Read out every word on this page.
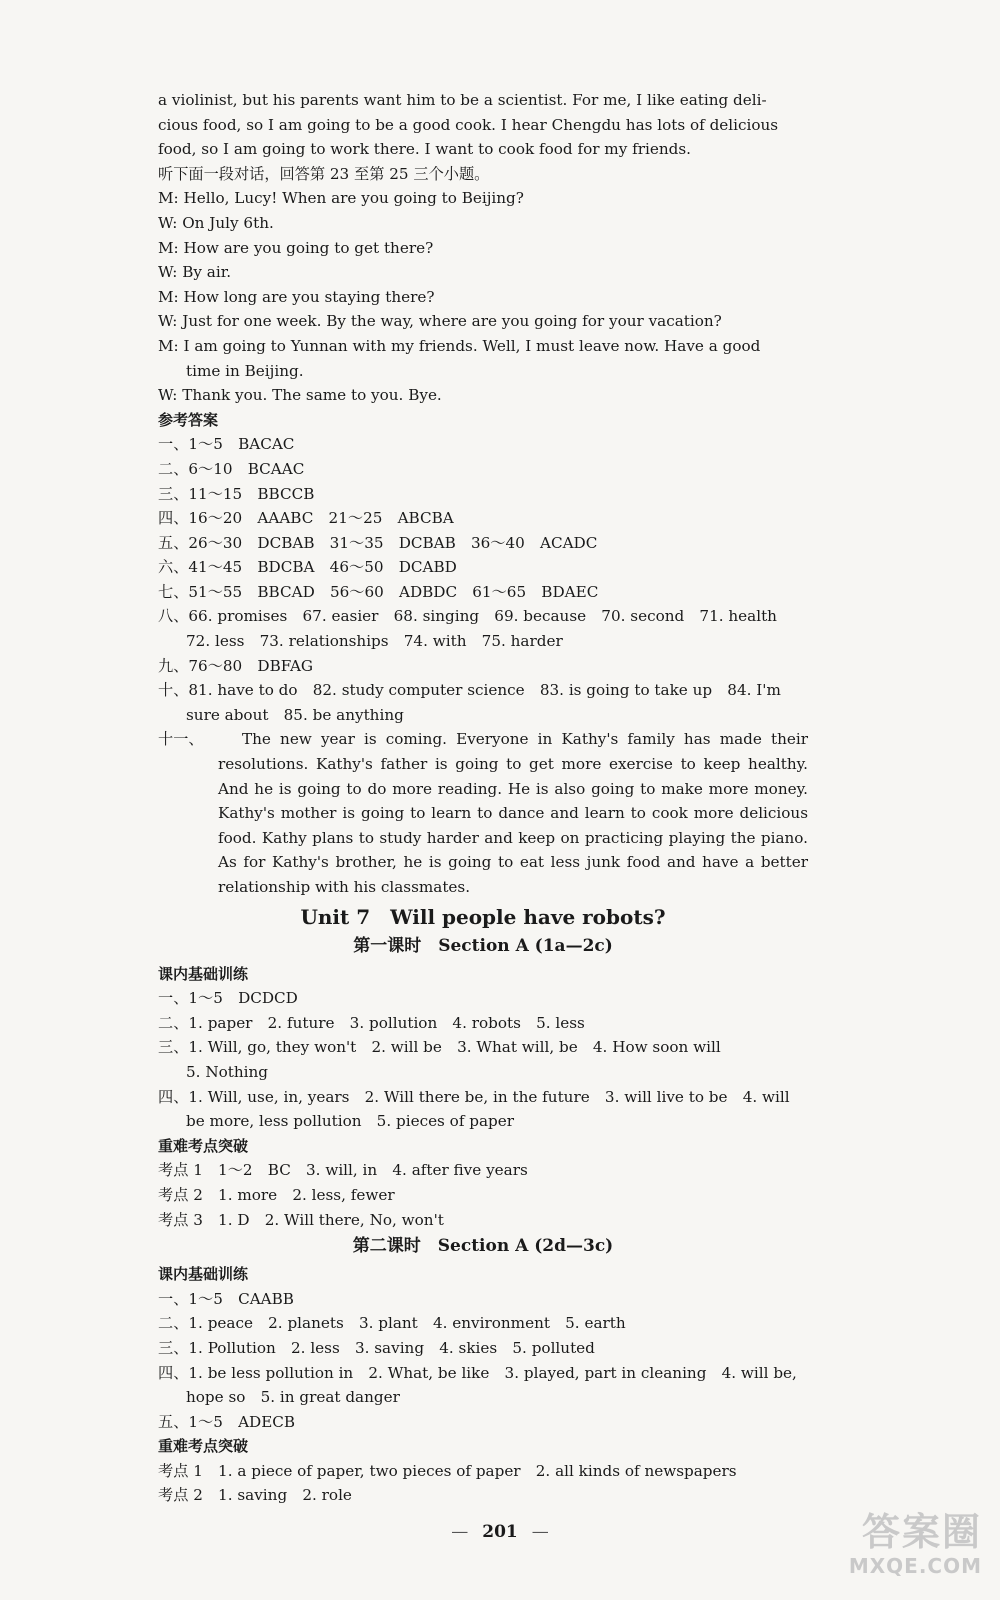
a violinist, but his parents want him to be a scientist. For me, I like eating deli-
cious food, so I am going to be a good cook. I hear Chengdu has lots of delicious
food, so I am going to work there. I want to cook food for my friends.
听下面一段对话，回答第 23 至第 25 三个小题。
M: Hello, Lucy! When are you going to Beijing?
W: On July 6th.
M: How are you going to get there?
W: By air.
M: How long are you staying there?
W: Just for one week. By the way, where are you going for your vacation?
M: I am going to Yunnan with my friends. Well, I must leave now. Have a good
time in Beijing.
W: Thank you. The same to you. Bye.
参考答案
一、1～5　BACAC
二、6～10　BCAAC
三、11～15　BBCCB
四、16～20　AAABC　21～25　ABCBA
五、26～30　DCBAB　31～35　DCBAB　36～40　ACADC
六、41～45　BDCBA　46～50　DCABD
七、51～55　BBCAD　56～60　ADBDC　61～65　BDAEC
八、66. promises　67. easier　68. singing　69. because　70. second　71. health
72. less　73. relationships　74. with　75. harder
九、76～80　DBFAG
十、81. have to do　82. study computer science　83. is going to take up　84. I'm
sure about　85. be anything
十一、	The new year is coming. Everyone in Kathy's family has made their resolutions. Kathy's father is going to get more exercise to keep healthy. And he is going to do more reading. He is also going to make more money. Kathy's mother is going to learn to dance and learn to cook more delicious food. Kathy plans to study harder and keep on practicing playing the piano. As for Kathy's brother, he is going to eat less junk food and have a better relationship with his classmates.
Unit 7　Will people have robots?
第一课时　Section A (1a—2c)
课内基础训练
一、1～5　DCDCD
二、1. paper　2. future　3. pollution　4. robots　5. less
三、1. Will, go, they won't　2. will be　3. What will, be　4. How soon will
5. Nothing
四、1. Will, use, in, years　2. Will there be, in the future　3. will live to be　4. will
be more, less pollution　5. pieces of paper
重难考点突破
考点 1　1～2　BC　3. will, in　4. after five years
考点 2　1. more　2. less, fewer
考点 3　1. D　2. Will there, No, won't
第二课时　Section A (2d—3c)
课内基础训练
一、1～5　CAABB
二、1. peace　2. planets　3. plant　4. environment　5. earth
三、1. Pollution　2. less　3. saving　4. skies　5. polluted
四、1. be less pollution in　2. What, be like　3. played, part in cleaning　4. will be,
hope so　5. in great danger
五、1～5　ADECB
重难考点突破
考点 1　1. a piece of paper, two pieces of paper　2. all kinds of newspapers
考点 2　1. saving　2. role
— 201 —	答案圈
MXQE.COM
